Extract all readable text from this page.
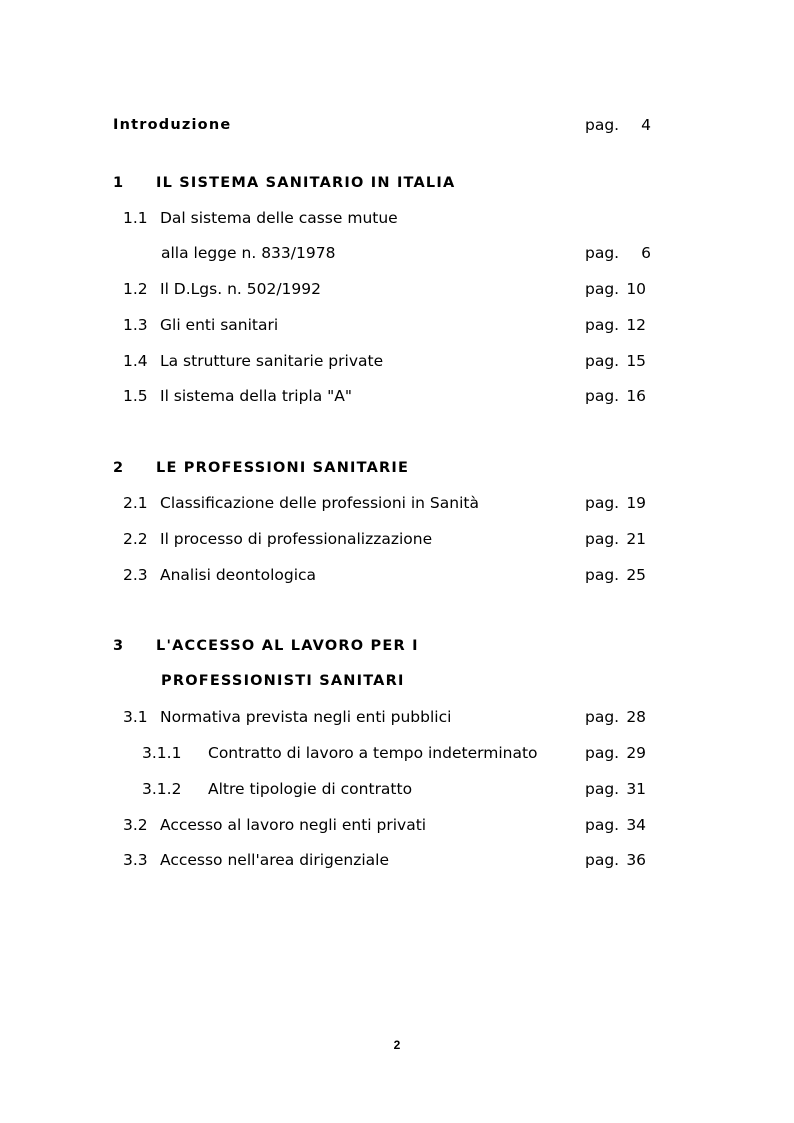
Introduzione	pag. 4
1 IL SISTEMA SANITARIO IN ITALIA
1.1 Dal sistema delle casse mutue
alla legge n. 833/1978	pag. 6
1.2 Il D.Lgs. n. 502/1992	pag. 10
1.3 Gli enti sanitari	pag. 12
1.4 La strutture sanitarie private	pag. 15
1.5 Il sistema della tripla "A"	pag. 16
2 LE PROFESSIONI SANITARIE
2.1 Classificazione delle professioni in Sanità	pag. 19
2.2 Il processo di professionalizzazione	pag. 21
2.3 Analisi deontologica	pag. 25
3 L'ACCESSO AL LAVORO PER I
PROFESSIONISTI SANITARI
3.1 Normativa prevista negli enti pubblici	pag. 28
3.1.1 Contratto di lavoro a tempo indeterminato	pag. 29
3.1.2 Altre tipologie di contratto	pag. 31
3.2 Accesso al lavoro negli enti privati	pag. 34
3.3 Accesso nell'area dirigenziale	pag. 36
2
